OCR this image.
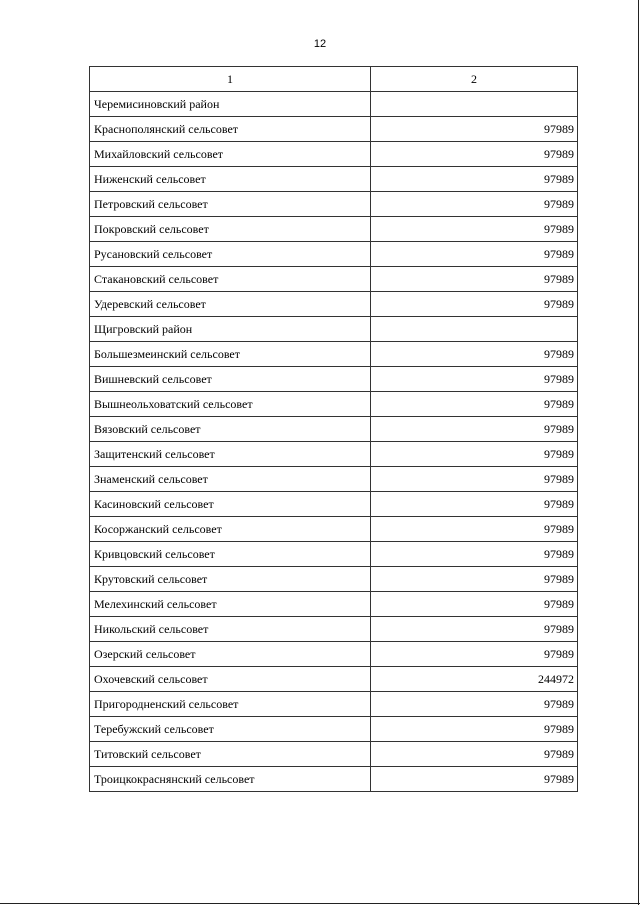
12
1	2
Черемисиновский район	
Краснополянский сельсовет	97989
Михайловский сельсовет	97989
Ниженский сельсовет	97989
Петровский сельсовет	97989
Покровский сельсовет	97989
Русановский сельсовет	97989
Стакановский сельсовет	97989
Удеревский сельсовет	97989
Щигровский район	
Большезмеинский сельсовет	97989
Вишневский сельсовет	97989
Вышнеольховатский сельсовет	97989
Вязовский сельсовет	97989
Защитенский сельсовет	97989
Знаменский сельсовет	97989
Касиновский сельсовет	97989
Косоржанский сельсовет	97989
Кривцовский сельсовет	97989
Крутовский сельсовет	97989
Мелехинский сельсовет	97989
Никольский сельсовет	97989
Озерский сельсовет	97989
Охочевский сельсовет	244972
Пригородненский сельсовет	97989
Теребужский сельсовет	97989
Титовский сельсовет	97989
Троицкокраснянский сельсовет	97989
